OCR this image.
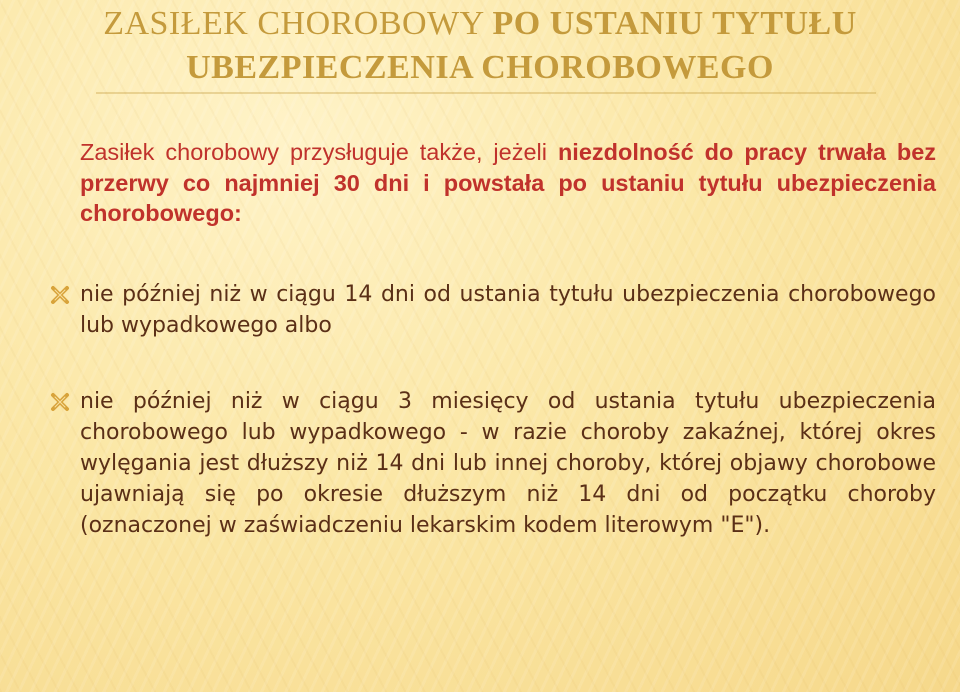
ZASIŁEK CHOROBOWY PO USTANIU TYTUŁU
UBEZPIECZENIA CHOROBOWEGO
Zasiłek chorobowy przysługuje także, jeżeli niezdolność do pracy trwała bez przerwy co najmniej 30 dni i powstała po ustaniu tytułu ubezpieczenia chorobowego:
nie później niż w ciągu 14 dni od ustania tytułu ubezpieczenia chorobowego lub wypadkowego albo
nie później niż w ciągu 3 miesięcy od ustania tytułu ubezpieczenia chorobowego lub wypadkowego - w razie choroby zakaźnej, której okres wylęgania jest dłuższy niż 14 dni lub innej choroby, której objawy chorobowe ujawniają się po okresie dłuższym niż 14 dni od początku choroby (oznaczonej w zaświadczeniu lekarskim kodem literowym "E").
